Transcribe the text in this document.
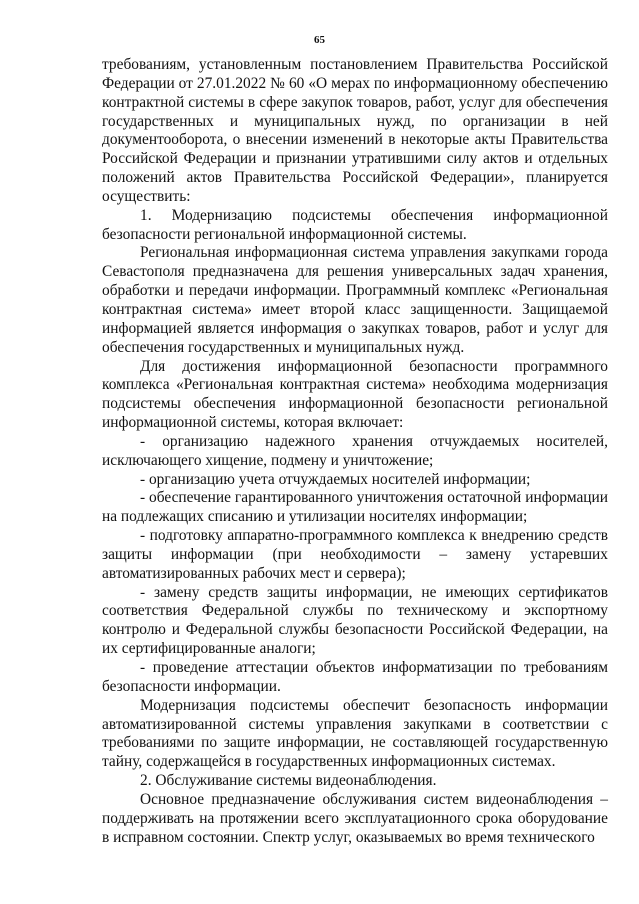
65

требованиям, установленным постановлением Правительства Российской Федерации от 27.01.2022 № 60 «О мерах по информационному обеспечению контрактной системы в сфере закупок товаров, работ, услуг для обеспечения государственных и муниципальных нужд, по организации в ней документооборота, о внесении изменений в некоторые акты Правительства Российской Федерации и признании утратившими силу актов и отдельных положений актов Правительства Российской Федерации», планируется осуществить:

1. Модернизацию подсистемы обеспечения информационной безопасности региональной информационной системы.

Региональная информационная система управления закупками города Севастополя предназначена для решения универсальных задач хранения, обработки и передачи информации. Программный комплекс «Региональная контрактная система» имеет второй класс защищенности. Защищаемой информацией является информация о закупках товаров, работ и услуг для обеспечения государственных и муниципальных нужд.

Для достижения информационной безопасности программного комплекса «Региональная контрактная система» необходима модернизация подсистемы обеспечения информационной безопасности региональной информационной системы, которая включает:

- организацию надежного хранения отчуждаемых носителей, исключающего хищение, подмену и уничтожение;

- организацию учета отчуждаемых носителей информации;

- обеспечение гарантированного уничтожения остаточной информации на подлежащих списанию и утилизации носителях информации;

- подготовку аппаратно-программного комплекса к внедрению средств защиты информации (при необходимости – замену устаревших автоматизированных рабочих мест и сервера);

- замену средств защиты информации, не имеющих сертификатов соответствия Федеральной службы по техническому и экспортному контролю и Федеральной службы безопасности Российской Федерации, на их сертифицированные аналоги;

- проведение аттестации объектов информатизации по требованиям безопасности информации.

Модернизация подсистемы обеспечит безопасность информации автоматизированной системы управления закупками в соответствии с требованиями по защите информации, не составляющей государственную тайну, содержащейся в государственных информационных системах.

2. Обслуживание системы видеонаблюдения.

Основное предназначение обслуживания систем видеонаблюдения – поддерживать на протяжении всего эксплуатационного срока оборудование в исправном состоянии. Спектр услуг, оказываемых во время технического
